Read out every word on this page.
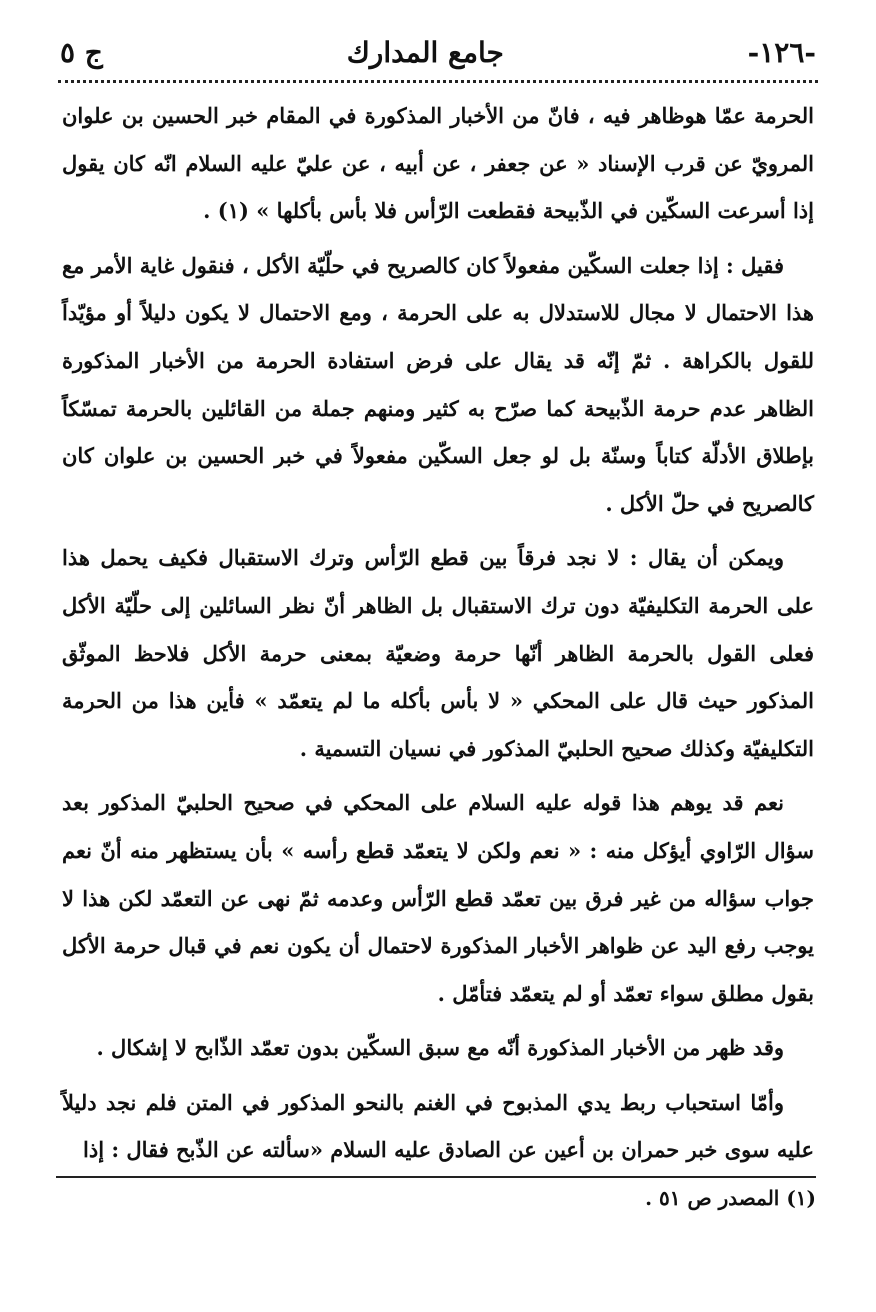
ج ٥	جامع المدارك	-١٢٦-

الحرمة عمّا هوظاهر فيه ، فانّ من الأخبار المذكورة في المقام خبر الحسين بن علوان المرويّ عن قرب الإسناد « عن جعفر ، عن أبيه ، عن عليّ عليه السلام انّه كان يقول إذا أسرعت السكّين في الذّبيحة فقطعت الرّأس فلا بأس بأكلها » (١) .

فقيل : إذا جعلت السكّين مفعولاً كان كالصريح في حلّيّة الأكل ، فنقول غاية الأمر مع هذا الاحتمال لا مجال للاستدلال به على الحرمة ، ومع الاحتمال لا يكون دليلاً أو مؤيّداً للقول بالكراهة . ثمّ إنّه قد يقال على فرض استفادة الحرمة من الأخبار المذكورة الظاهر عدم حرمة الذّبيحة كما صرّح به كثير ومنهم جملة من القائلين بالحرمة تمسّكاً بإطلاق الأدلّة كتاباً وسنّة بل لو جعل السكّين مفعولاً في خبر الحسين بن علوان كان كالصريح في حلّ الأكل .

ويمكن أن يقال : لا نجد فرقاً بين قطع الرّأس وترك الاستقبال فكيف يحمل هذا على الحرمة التكليفيّة دون ترك الاستقبال بل الظاهر أنّ نظر السائلين إلى حلّيّة الأكل فعلى القول بالحرمة الظاهر أنّها حرمة وضعيّة بمعنى حرمة الأكل فلاحظ الموثّق المذكور حيث قال على المحكي « لا بأس بأكله ما لم يتعمّد » فأين هذا من الحرمة التكليفيّة وكذلك صحيح الحلبيّ المذكور في نسيان التسمية .

نعم قد يوهم هذا قوله عليه السلام على المحكي في صحيح الحلبيّ المذكور بعد سؤال الرّاوي أيؤكل منه : « نعم ولكن لا يتعمّد قطع رأسه » بأن يستظهر منه أنّ نعم جواب سؤاله من غير فرق بين تعمّد قطع الرّأس وعدمه ثمّ نهى عن التعمّد لكن هذا لا يوجب رفع اليد عن ظواهر الأخبار المذكورة لاحتمال أن يكون نعم في قبال حرمة الأكل بقول مطلق سواء تعمّد أو لم يتعمّد فتأمّل .

وقد ظهر من الأخبار المذكورة أنّه مع سبق السكّين بدون تعمّد الذّابح لا إشكال .

وأمّا استحباب ربط يدي المذبوح في الغنم بالنحو المذكور في المتن فلم نجد دليلاً عليه سوى خبر حمران بن أعين عن الصادق عليه السلام «سألته عن الذّبح فقال : إذا

(١) المصدر ص ٥١ .
